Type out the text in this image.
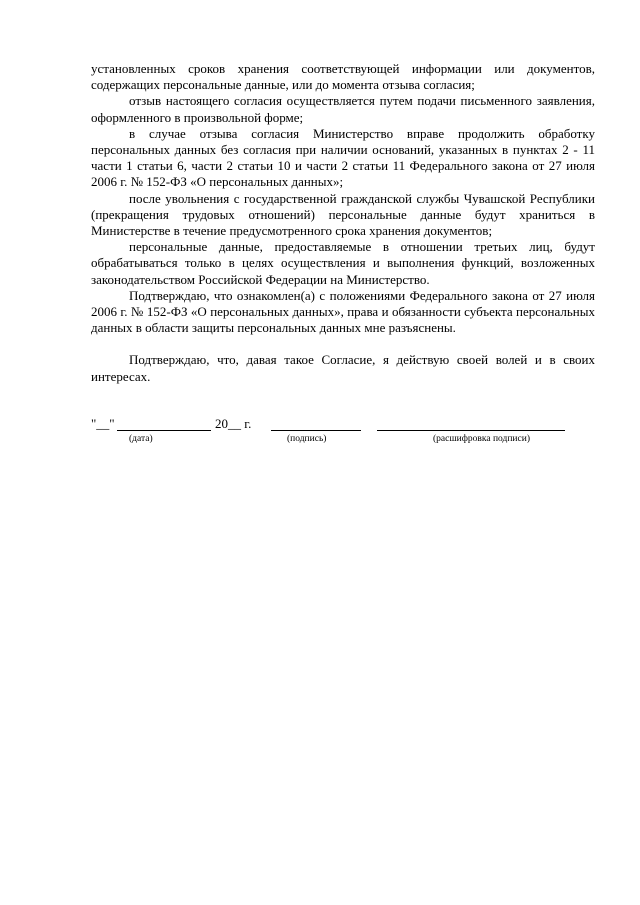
установленных сроков хранения соответствующей информации или документов, содержащих персональные данные, или до момента отзыва согласия;

отзыв настоящего согласия осуществляется путем подачи письменного заявления, оформленного в произвольной форме;

в случае отзыва согласия Министерство вправе продолжить обработку персональных данных без согласия при наличии оснований, указанных в пунктах 2 - 11 части 1 статьи 6, части 2 статьи 10 и части 2 статьи 11 Федерального закона от 27 июля 2006 г. № 152-ФЗ «О персональных данных»;

после увольнения с государственной гражданской службы Чувашской Республики (прекращения трудовых отношений) персональные данные будут храниться в Министерстве в течение предусмотренного срока хранения документов;

персональные данные, предоставляемые в отношении третьих лиц, будут обрабатываться только в целях осуществления и выполнения функций, возложенных законодательством Российской Федерации на Министерство.

Подтверждаю, что ознакомлен(а) с положениями Федерального закона от 27 июля 2006 г. № 152-ФЗ «О персональных данных», права и обязанности субъекта персональных данных в области защиты персональных данных мне разъяснены.

Подтверждаю, что, давая такое Согласие, я действую своей волей и в своих интересах.

"__"	20__ г.
(дата)	(подпись)	(расшифровка подписи)
